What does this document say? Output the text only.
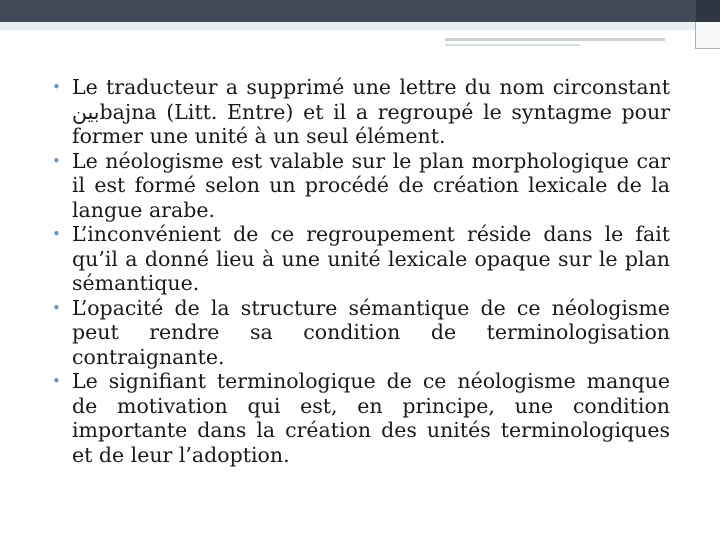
• Le traducteur a supprimé une lettre du nom circonstant بينbajna (Litt. Entre) et il a regroupé le syntagme pour former une unité à un seul élément.
• Le néologisme est valable sur le plan morphologique car il est formé selon un procédé de création lexicale de la langue arabe.
• L’inconvénient de ce regroupement réside dans le fait qu’il a donné lieu à une unité lexicale opaque sur le plan sémantique.
• L’opacité de la structure sémantique de ce néologisme peut rendre sa condition de terminologisation contraignante.
• Le signifiant terminologique de ce néologisme manque de motivation qui est, en principe, une condition importante dans la création des unités terminologiques et de leur l’adoption.
